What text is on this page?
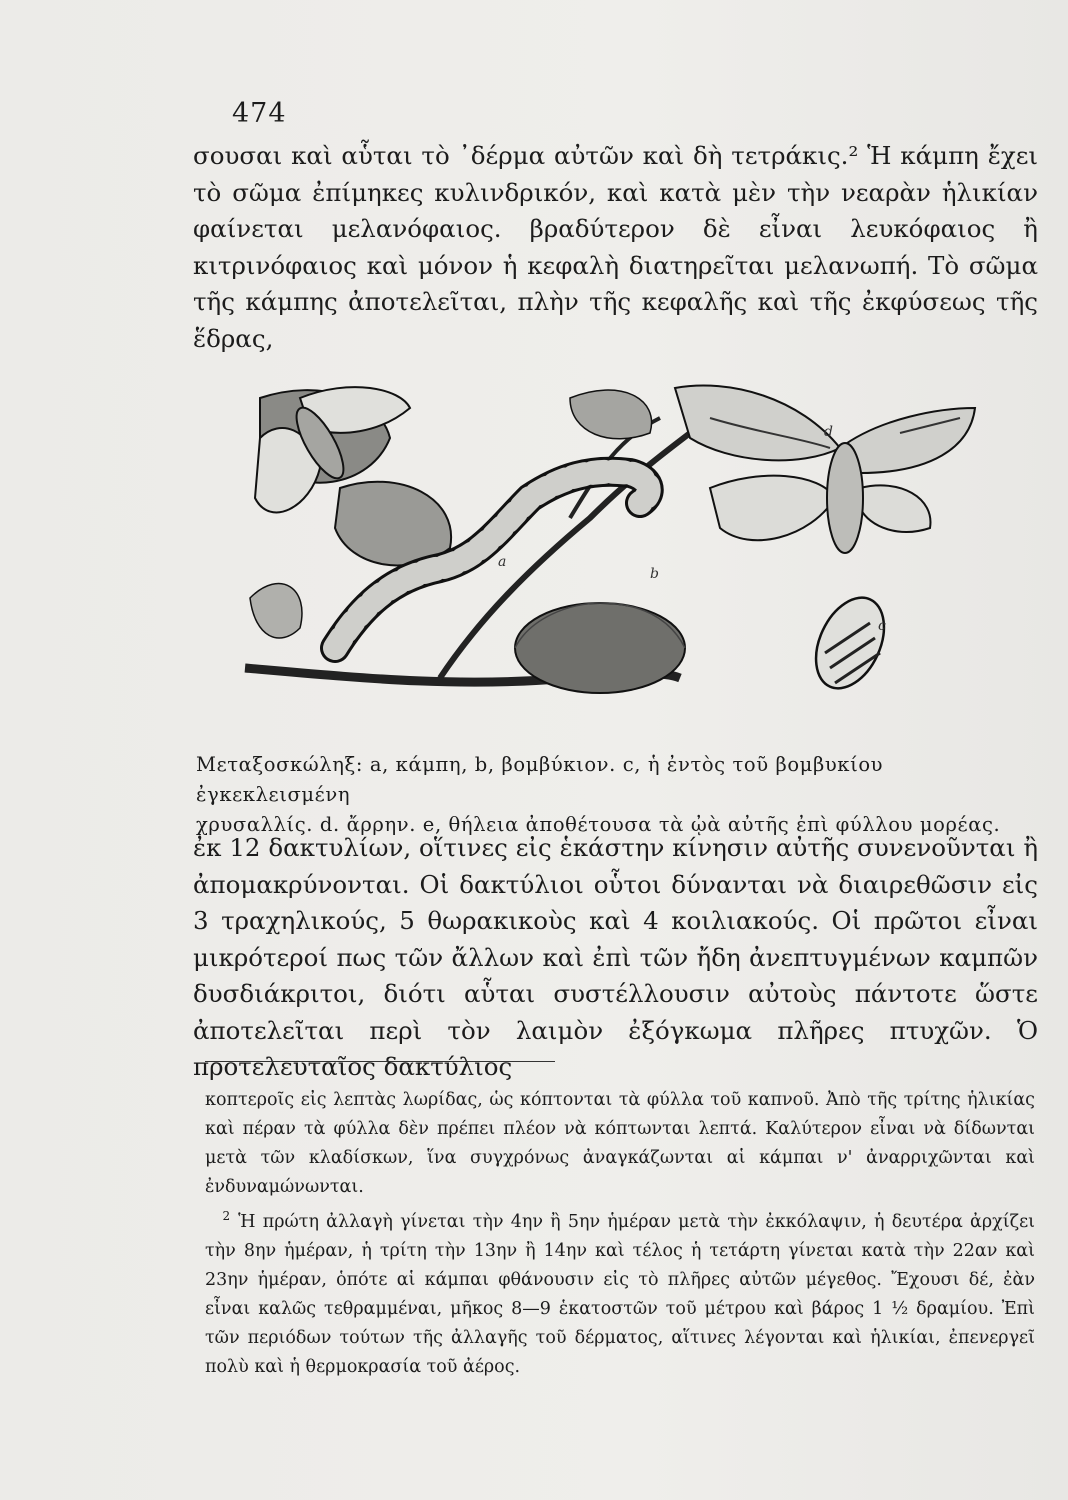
474

σουσαι καὶ αὗται τὸ ᾿δέρμα αὐτῶν καὶ δὴ τετράκις.² Ἡ κάμπη ἔχει τὸ σῶμα ἐπίμηκες κυλινδρικόν, καὶ κατὰ μὲν τὴν νεαρὰν ἡλικίαν φαίνεται μελανόφαιος. βραδύτερον δὲ εἶναι λευκόφαιος ἢ κιτρινόφαιος καὶ μόνον ἡ κεφαλὴ διατηρεῖται μελανωπή. Τὸ σῶμα τῆς κάμπης ἀποτελεῖται, πλὴν τῆς κεφαλῆς καὶ τῆς ἐκφύσεως τῆς ἕδρας,

a
b
c
d

Μεταξοσκώληξ: a, κάμπη, b, βομβύκιον. c, ἡ ἐντὸς τοῦ βομβυκίου ἐγκεκλεισμένη

χρυσαλλίς. d. ἄρρην. e, θήλεια ἀποθέτουσα τὰ ᾠὰ αὐτῆς ἐπὶ φύλλου μορέας.

ἐκ 12 δακτυλίων, οἵτινες εἰς ἑκάστην κίνησιν αὐτῆς συνενοῦνται ἢ ἀπομακρύνονται. Οἱ δακτύλιοι οὗτοι δύνανται νὰ διαιρεθῶσιν εἰς 3 τραχηλικούς, 5 θωρακικοὺς καὶ 4 κοιλιακούς. Οἱ πρῶτοι εἶναι μικρότεροί πως τῶν ἄλλων καὶ ἐπὶ τῶν ἤδη ἀνεπτυγμένων καμπῶν δυσδιάκριτοι, διότι αὗται συστέλλουσιν αὐτοὺς πάντοτε ὥστε ἀποτελεῖται περὶ τὸν λαιμὸν ἐξόγκωμα πλῆρες πτυχῶν. Ὁ προτελευταῖος δακτύλιος

κοπτεροῖς εἰς λεπτὰς λωρίδας, ὡς κόπτονται τὰ φύλλα τοῦ καπνοῦ. Ἀπὸ τῆς τρίτης ἡλικίας καὶ πέραν τὰ φύλλα δὲν πρέπει πλέον νὰ κόπτωνται λεπτά. Καλύτερον εἶναι νὰ δίδωνται μετὰ τῶν κλαδίσκων, ἵνα συγχρόνως ἀναγκάζωνται αἱ κάμπαι ν' ἀναρριχῶνται καὶ ἐνδυναμώνωνται.

 $^2$ Ἡ πρώτη ἀλλαγὴ γίνεται τὴν 4ην ἢ 5ην ἡμέραν μετὰ τὴν ἐκκόλαψιν, ἡ δευτέρα ἀρχίζει τὴν 8ην ἡμέραν, ἡ τρίτη τὴν 13ην ἢ 14ην καὶ τέλος ἡ τετάρτη γίνεται κατὰ τὴν 22αν καὶ 23ην ἡμέραν, ὁπότε αἱ κάμπαι φθάνουσιν εἰς τὸ πλῆρες αὐτῶν μέγεθος. Ἔχουσι δέ, ἐὰν εἶναι καλῶς τεθραμμέναι, μῆκος 8—9 ἑκατοστῶν τοῦ μέτρου καὶ βάρος 1 ½ δραμίου. Ἐπὶ τῶν περιόδων τούτων τῆς ἀλλαγῆς τοῦ δέρματος, αἵτινες λέγονται καὶ ἡλικίαι, ἐπενεργεῖ πολὺ καὶ ἡ θερμοκρασία τοῦ ἀέρος.
